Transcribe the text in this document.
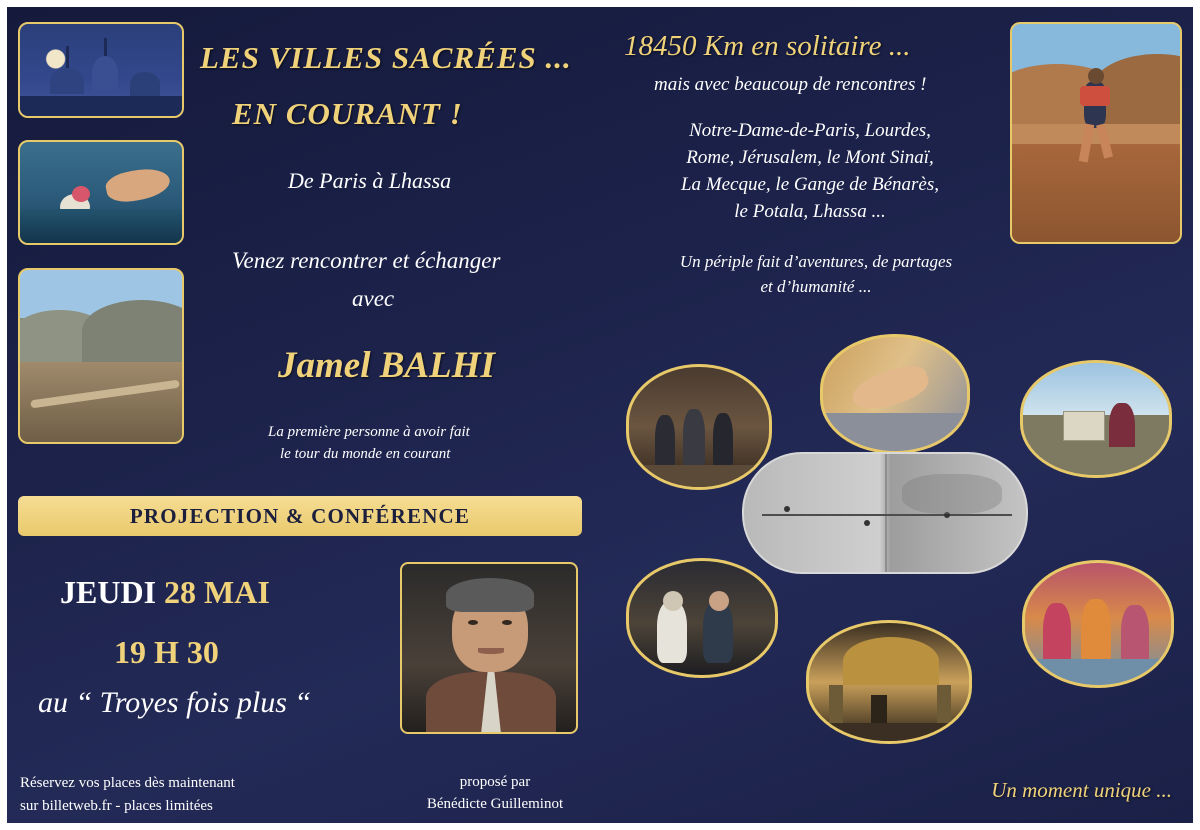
LES VILLES SACRÉES ...
EN COURANT !
De Paris à Lhassa
Venez rencontrer et échanger
avec
Jamel BALHI
La première personne à avoir fait
le tour du monde en courant
18450 Km en solitaire ...
mais avec beaucoup de rencontres !
Notre-Dame-de-Paris, Lourdes,
Rome, Jérusalem, le Mont Sinaï,
La Mecque, le Gange de Bénarès,
le Potala, Lhassa ...
Un périple fait d’aventures, de partages
et d’humanité ...
PROJECTION & CONFÉRENCE
JEUDI 28 MAI
19 H 30
au “ Troyes fois plus “
Réservez vos places dès maintenant
sur billetweb.fr - places limitées
proposé par
Bénédicte Guilleminot
Un moment unique ...
